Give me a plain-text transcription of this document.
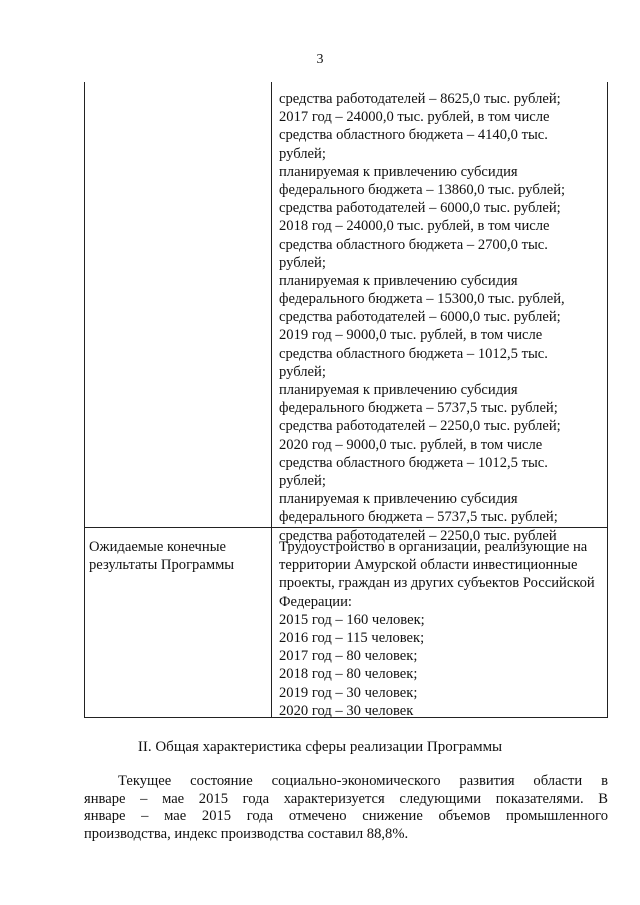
3
средства работодателей – 8625,0 тыс. рублей;
2017 год – 24000,0 тыс. рублей, в том числе
средства областного бюджета – 4140,0 тыс.
рублей;
планируемая к привлечению субсидия
федерального бюджета – 13860,0 тыс. рублей;
средства работодателей – 6000,0 тыс. рублей;
2018 год – 24000,0 тыс. рублей, в том числе
средства областного бюджета – 2700,0 тыс.
рублей;
планируемая к привлечению субсидия
федерального бюджета – 15300,0 тыс. рублей,
средства работодателей – 6000,0 тыс. рублей;
2019 год – 9000,0 тыс. рублей, в том числе
средства областного бюджета – 1012,5 тыс.
рублей;
планируемая к привлечению субсидия
федерального бюджета – 5737,5 тыс. рублей;
средства работодателей – 2250,0 тыс. рублей;
2020 год – 9000,0 тыс. рублей, в том числе
средства областного бюджета – 1012,5 тыс.
рублей;
планируемая к привлечению субсидия
федерального бюджета – 5737,5 тыс. рублей;
средства работодателей – 2250,0 тыс. рублей
Ожидаемые конечные результаты Программы
Трудоустройство в организации, реализующие на
территории Амурской области инвестиционные
проекты, граждан из других субъектов Российской
Федерации:
2015 год – 160 человек;
2016 год – 115 человек;
2017 год – 80 человек;
2018 год – 80 человек;
2019 год – 30 человек;
2020 год – 30 человек
II. Общая характеристика сферы реализации Программы
Текущее состояние социально-экономического развития области в
январе – мае 2015 года характеризуется следующими показателями. В
январе – мае 2015 года отмечено снижение объемов промышленного
производства, индекс производства составил 88,8%.
